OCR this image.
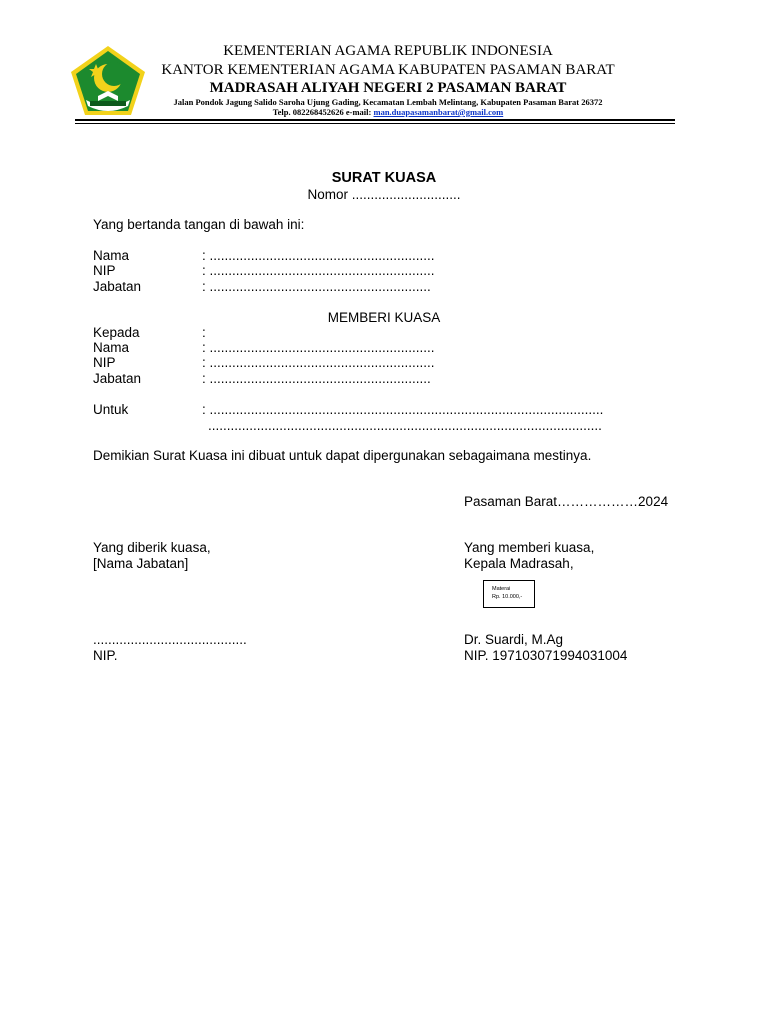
KEMENTERIAN AGAMA REPUBLIK INDONESIA
KANTOR KEMENTERIAN AGAMA KABUPATEN PASAMAN BARAT
MADRASAH ALIYAH NEGERI 2 PASAMAN BARAT
Jalan Pondok Jagung Salido Saroha Ujung Gading, Kecamatan Lembah Melintang, Kabupaten Pasaman Barat 26372
Telp. 082268452626 e-mail: man.duapasamanbarat@gmail.com
SURAT KUASA
Nomor .............................
Yang bertanda tangan di bawah ini:
Nama	: ............................................................
NIP	: ............................................................
Jabatan	: ...........................................................
MEMBERI KUASA
Kepada	:
Nama	: ............................................................
NIP	: ............................................................
Jabatan	: ...........................................................
Untuk	: .........................................................................................................
.........................................................................................................
Demikian Surat Kuasa ini dibuat untuk dapat dipergunakan sebagaimana mestinya.
Pasaman Barat………………2024
Yang diberik kuasa,
[Nama Jabatan]
Yang memberi kuasa,
Kepala Madrasah,
Materai
Rp. 10.000,-
.........................................
NIP.
Dr. Suardi, M.Ag
NIP. 197103071994031004
